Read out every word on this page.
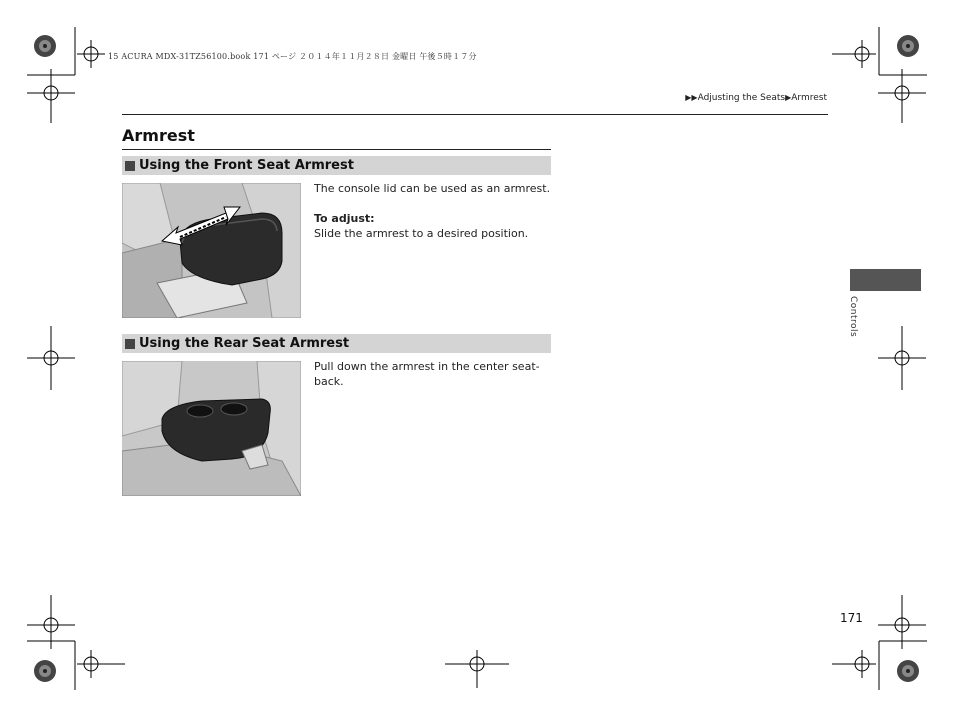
15 ACURA MDX-31TZ56100.book 171 ページ ２０１４年１１月２８日 金曜日 午後５時１７分
▶▶Adjusting the Seats▶Armrest
Armrest
Using the Front Seat Armrest
The console lid can be used as an armrest.
To adjust:
Slide the armrest to a desired position.
Using the Rear Seat Armrest
Pull down the armrest in the center seat-back.
Controls
171
